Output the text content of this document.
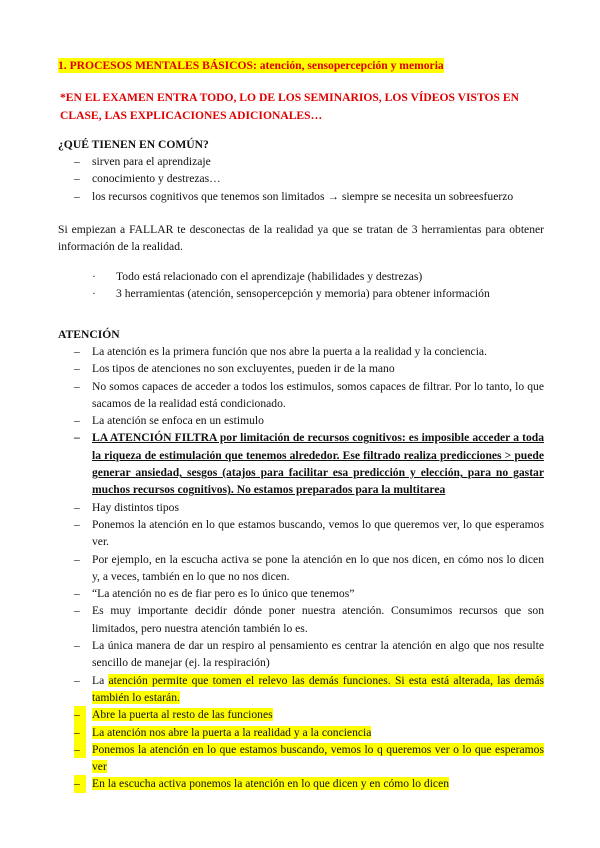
1. PROCESOS MENTALES BÁSICOS: atención, sensopercepción y memoria
*EN EL EXAMEN ENTRA TODO, LO DE LOS SEMINARIOS, LOS VÍDEOS VISTOS EN CLASE, LAS EXPLICACIONES ADICIONALES…
¿QUÉ TIENEN EN COMÚN?
– sirven para el aprendizaje
– conocimiento y destrezas…
– los recursos cognitivos que tenemos son limitados → siempre se necesita un sobreesfuerzo
Si empiezan a FALLAR te desconectas de la realidad ya que se tratan de 3 herramientas para obtener información de la realidad.
· Todo está relacionado con el aprendizaje (habilidades y destrezas)
· 3 herramientas (atención, sensopercepción y memoria) para obtener información
ATENCIÓN
– La atención es la primera función que nos abre la puerta a la realidad y la conciencia.
– Los tipos de atenciones no son excluyentes, pueden ir de la mano
– No somos capaces de acceder a todos los estimulos, somos capaces de filtrar. Por lo tanto, lo que sacamos de la realidad está condicionado.
– La atención se enfoca en un estimulo
– LA ATENCIÓN FILTRA por limitación de recursos cognitivos: es imposible acceder a toda la riqueza de estimulación que tenemos alrededor. Ese filtrado realiza predicciones > puede generar ansiedad, sesgos (atajos para facilitar esa predicción y elección, para no gastar muchos recursos cognitivos). No estamos preparados para la multitarea
– Hay distintos tipos
– Ponemos la atención en lo que estamos buscando, vemos lo que queremos ver, lo que esperamos ver.
– Por ejemplo, en la escucha activa se pone la atención en lo que nos dicen, en cómo nos lo dicen y, a veces, también en lo que no nos dicen.
– “La atención no es de fiar pero es lo único que tenemos”
– Es muy importante decidir dónde poner nuestra atención. Consumimos recursos que son limitados, pero nuestra atención también lo es.
– La única manera de dar un respiro al pensamiento es centrar la atención en algo que nos resulte sencillo de manejar (ej. la respiración)
– La atención permite que tomen el relevo las demás funciones. Si esta está alterada, las demás también lo estarán.
– Abre la puerta al resto de las funciones
– La atención nos abre la puerta a la realidad y a la conciencia
– Ponemos la atención en lo que estamos buscando, vemos lo q queremos ver o lo que esperamos ver
– En la escucha activa ponemos la atención en lo que dicen y en cómo lo dicen
